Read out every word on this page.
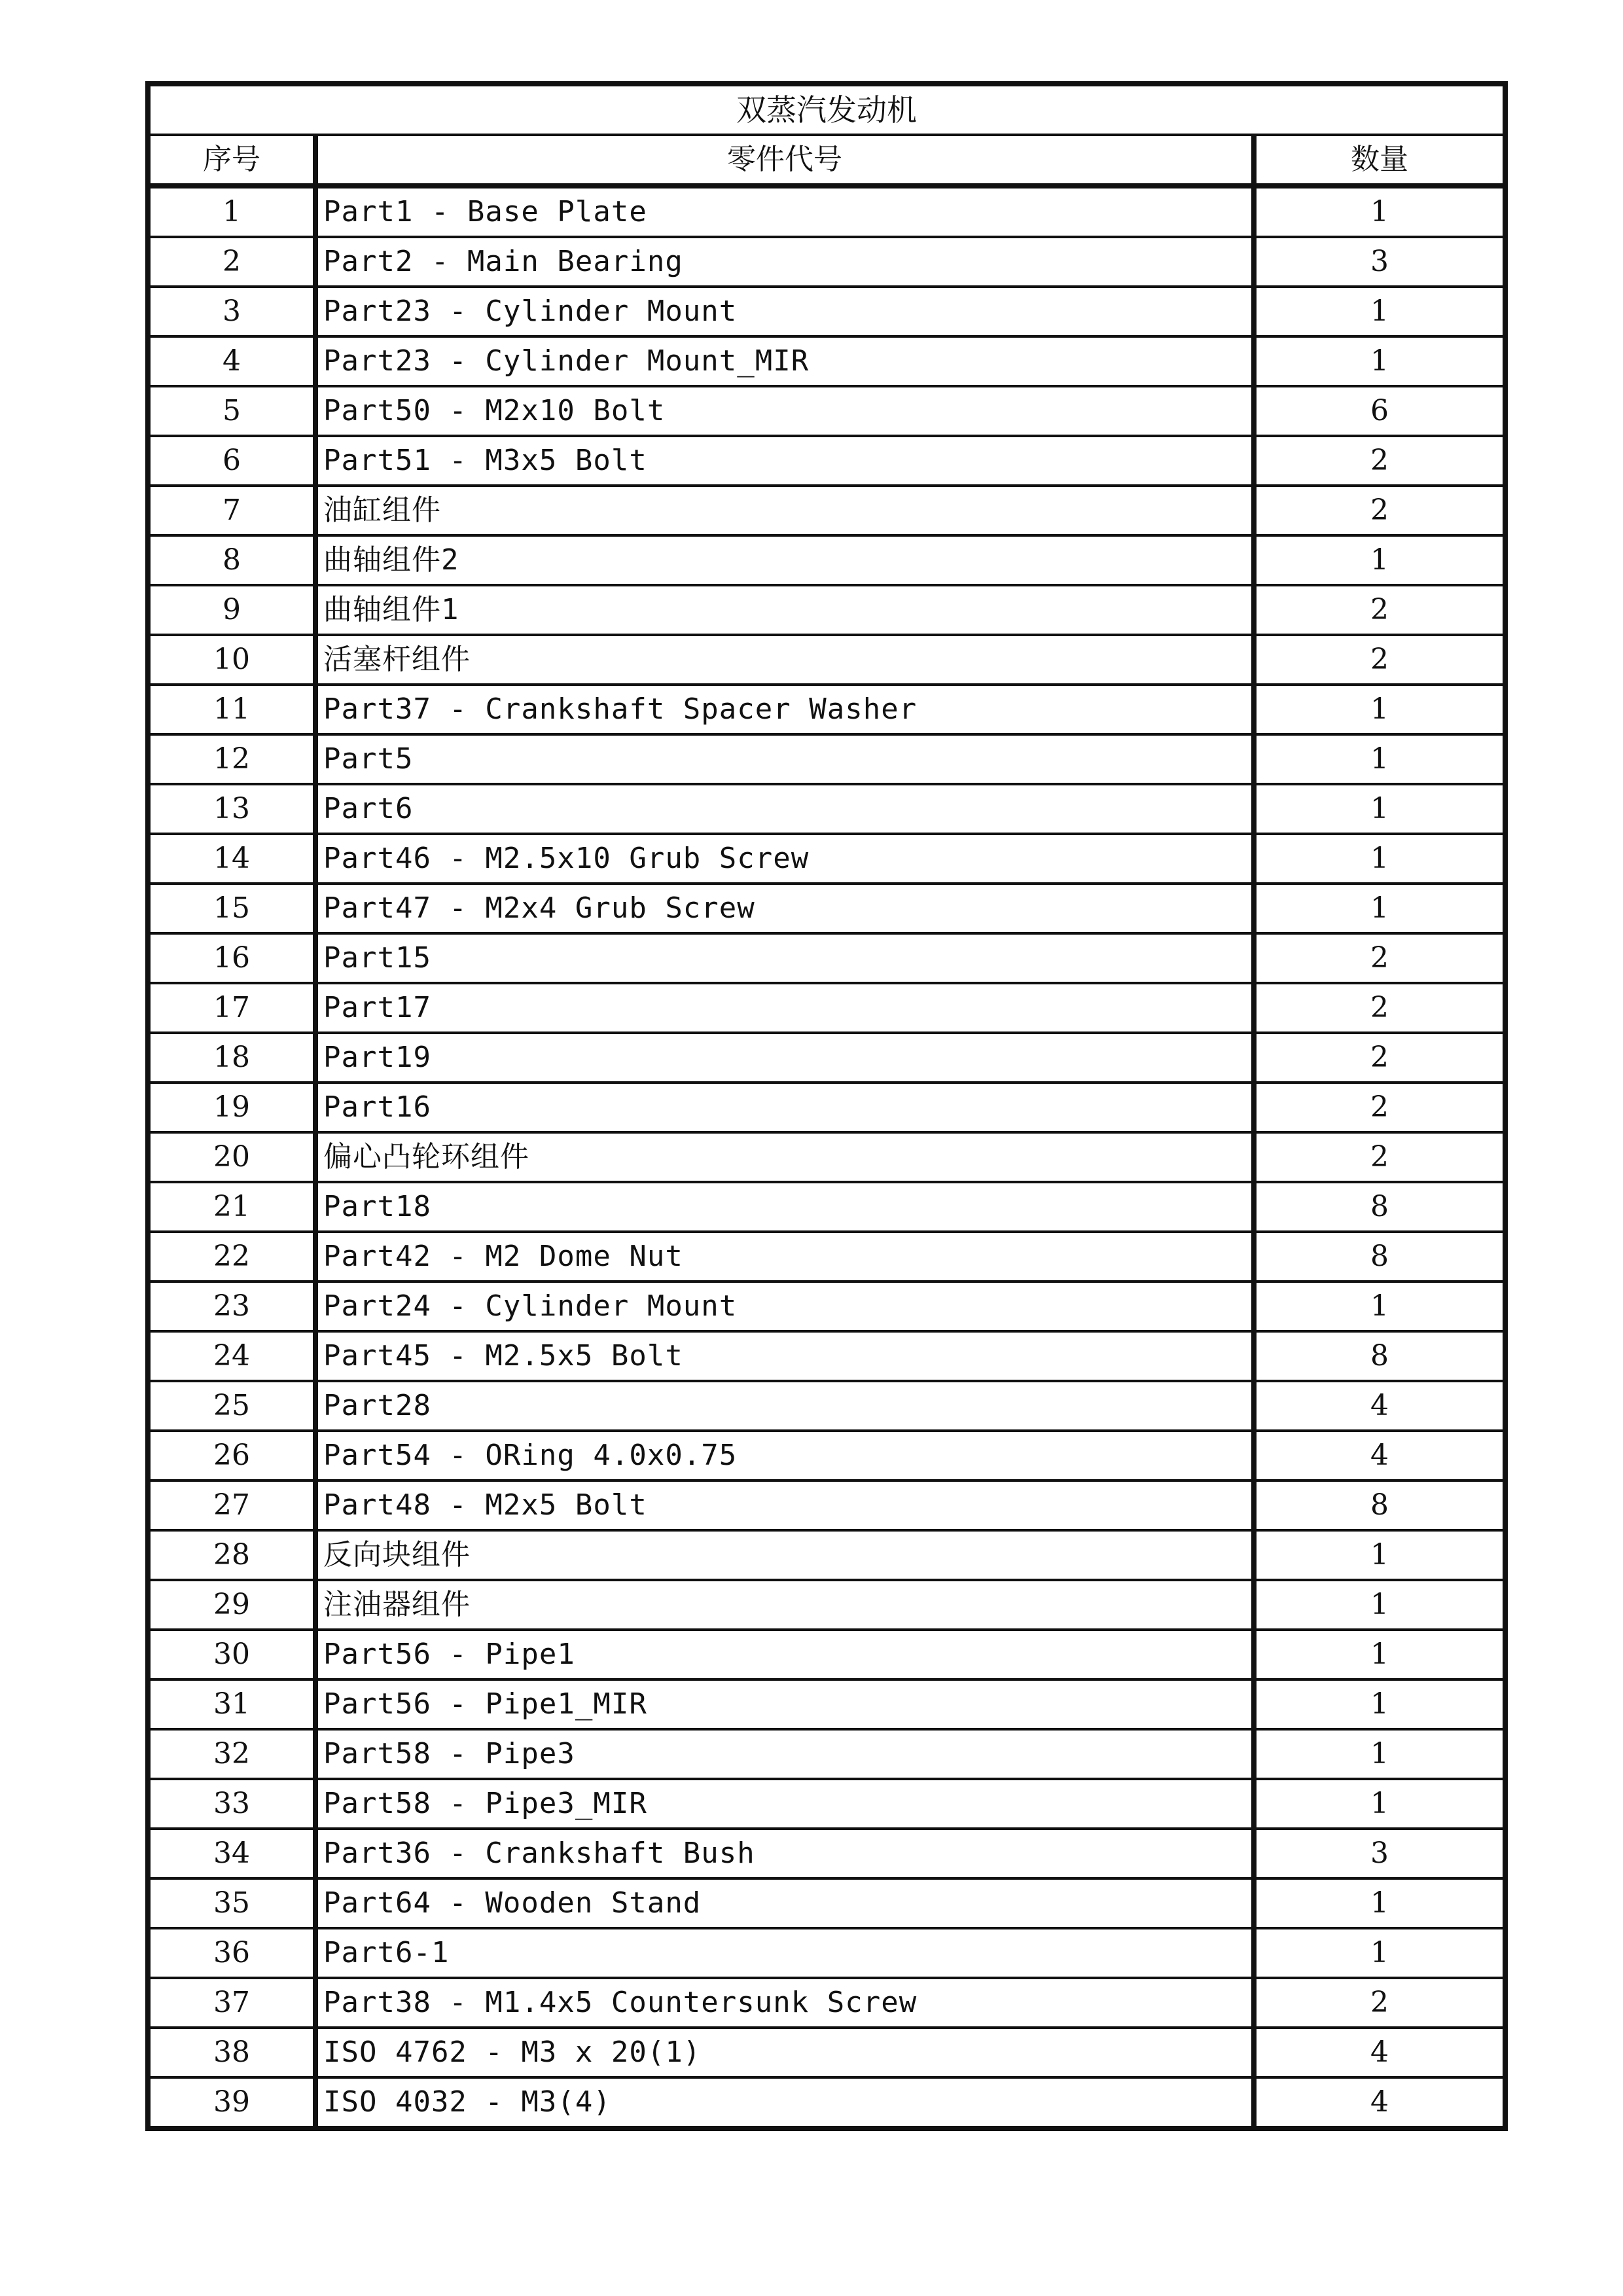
双蒸汽发动机		
序号	零件代号	数量
1	Part1 - Base Plate	1
2	Part2 - Main Bearing	3
3	Part23 - Cylinder Mount	1
4	Part23 - Cylinder Mount_MIR	1
5	Part50 - M2x10 Bolt	6
6	Part51 - M3x5 Bolt	2
7	油缸组件	2
8	曲轴组件2	1
9	曲轴组件1	2
10	活塞杆组件	2
11	Part37 - Crankshaft Spacer Washer	1
12	Part5	1
13	Part6	1
14	Part46 - M2.5x10 Grub Screw	1
15	Part47 - M2x4 Grub Screw	1
16	Part15	2
17	Part17	2
18	Part19	2
19	Part16	2
20	偏心凸轮环组件	2
21	Part18	8
22	Part42 - M2 Dome Nut	8
23	Part24 - Cylinder Mount	1
24	Part45 - M2.5x5 Bolt	8
25	Part28	4
26	Part54 - ORing 4.0x0.75	4
27	Part48 - M2x5 Bolt	8
28	反向块组件	1
29	注油器组件	1
30	Part56 - Pipe1	1
31	Part56 - Pipe1_MIR	1
32	Part58 - Pipe3	1
33	Part58 - Pipe3_MIR	1
34	Part36 - Crankshaft Bush	3
35	Part64 - Wooden Stand	1
36	Part6-1	1
37	Part38 - M1.4x5 Countersunk Screw	2
38	ISO 4762 - M3 x 20(1)	4
39	ISO 4032 - M3(4)	4
